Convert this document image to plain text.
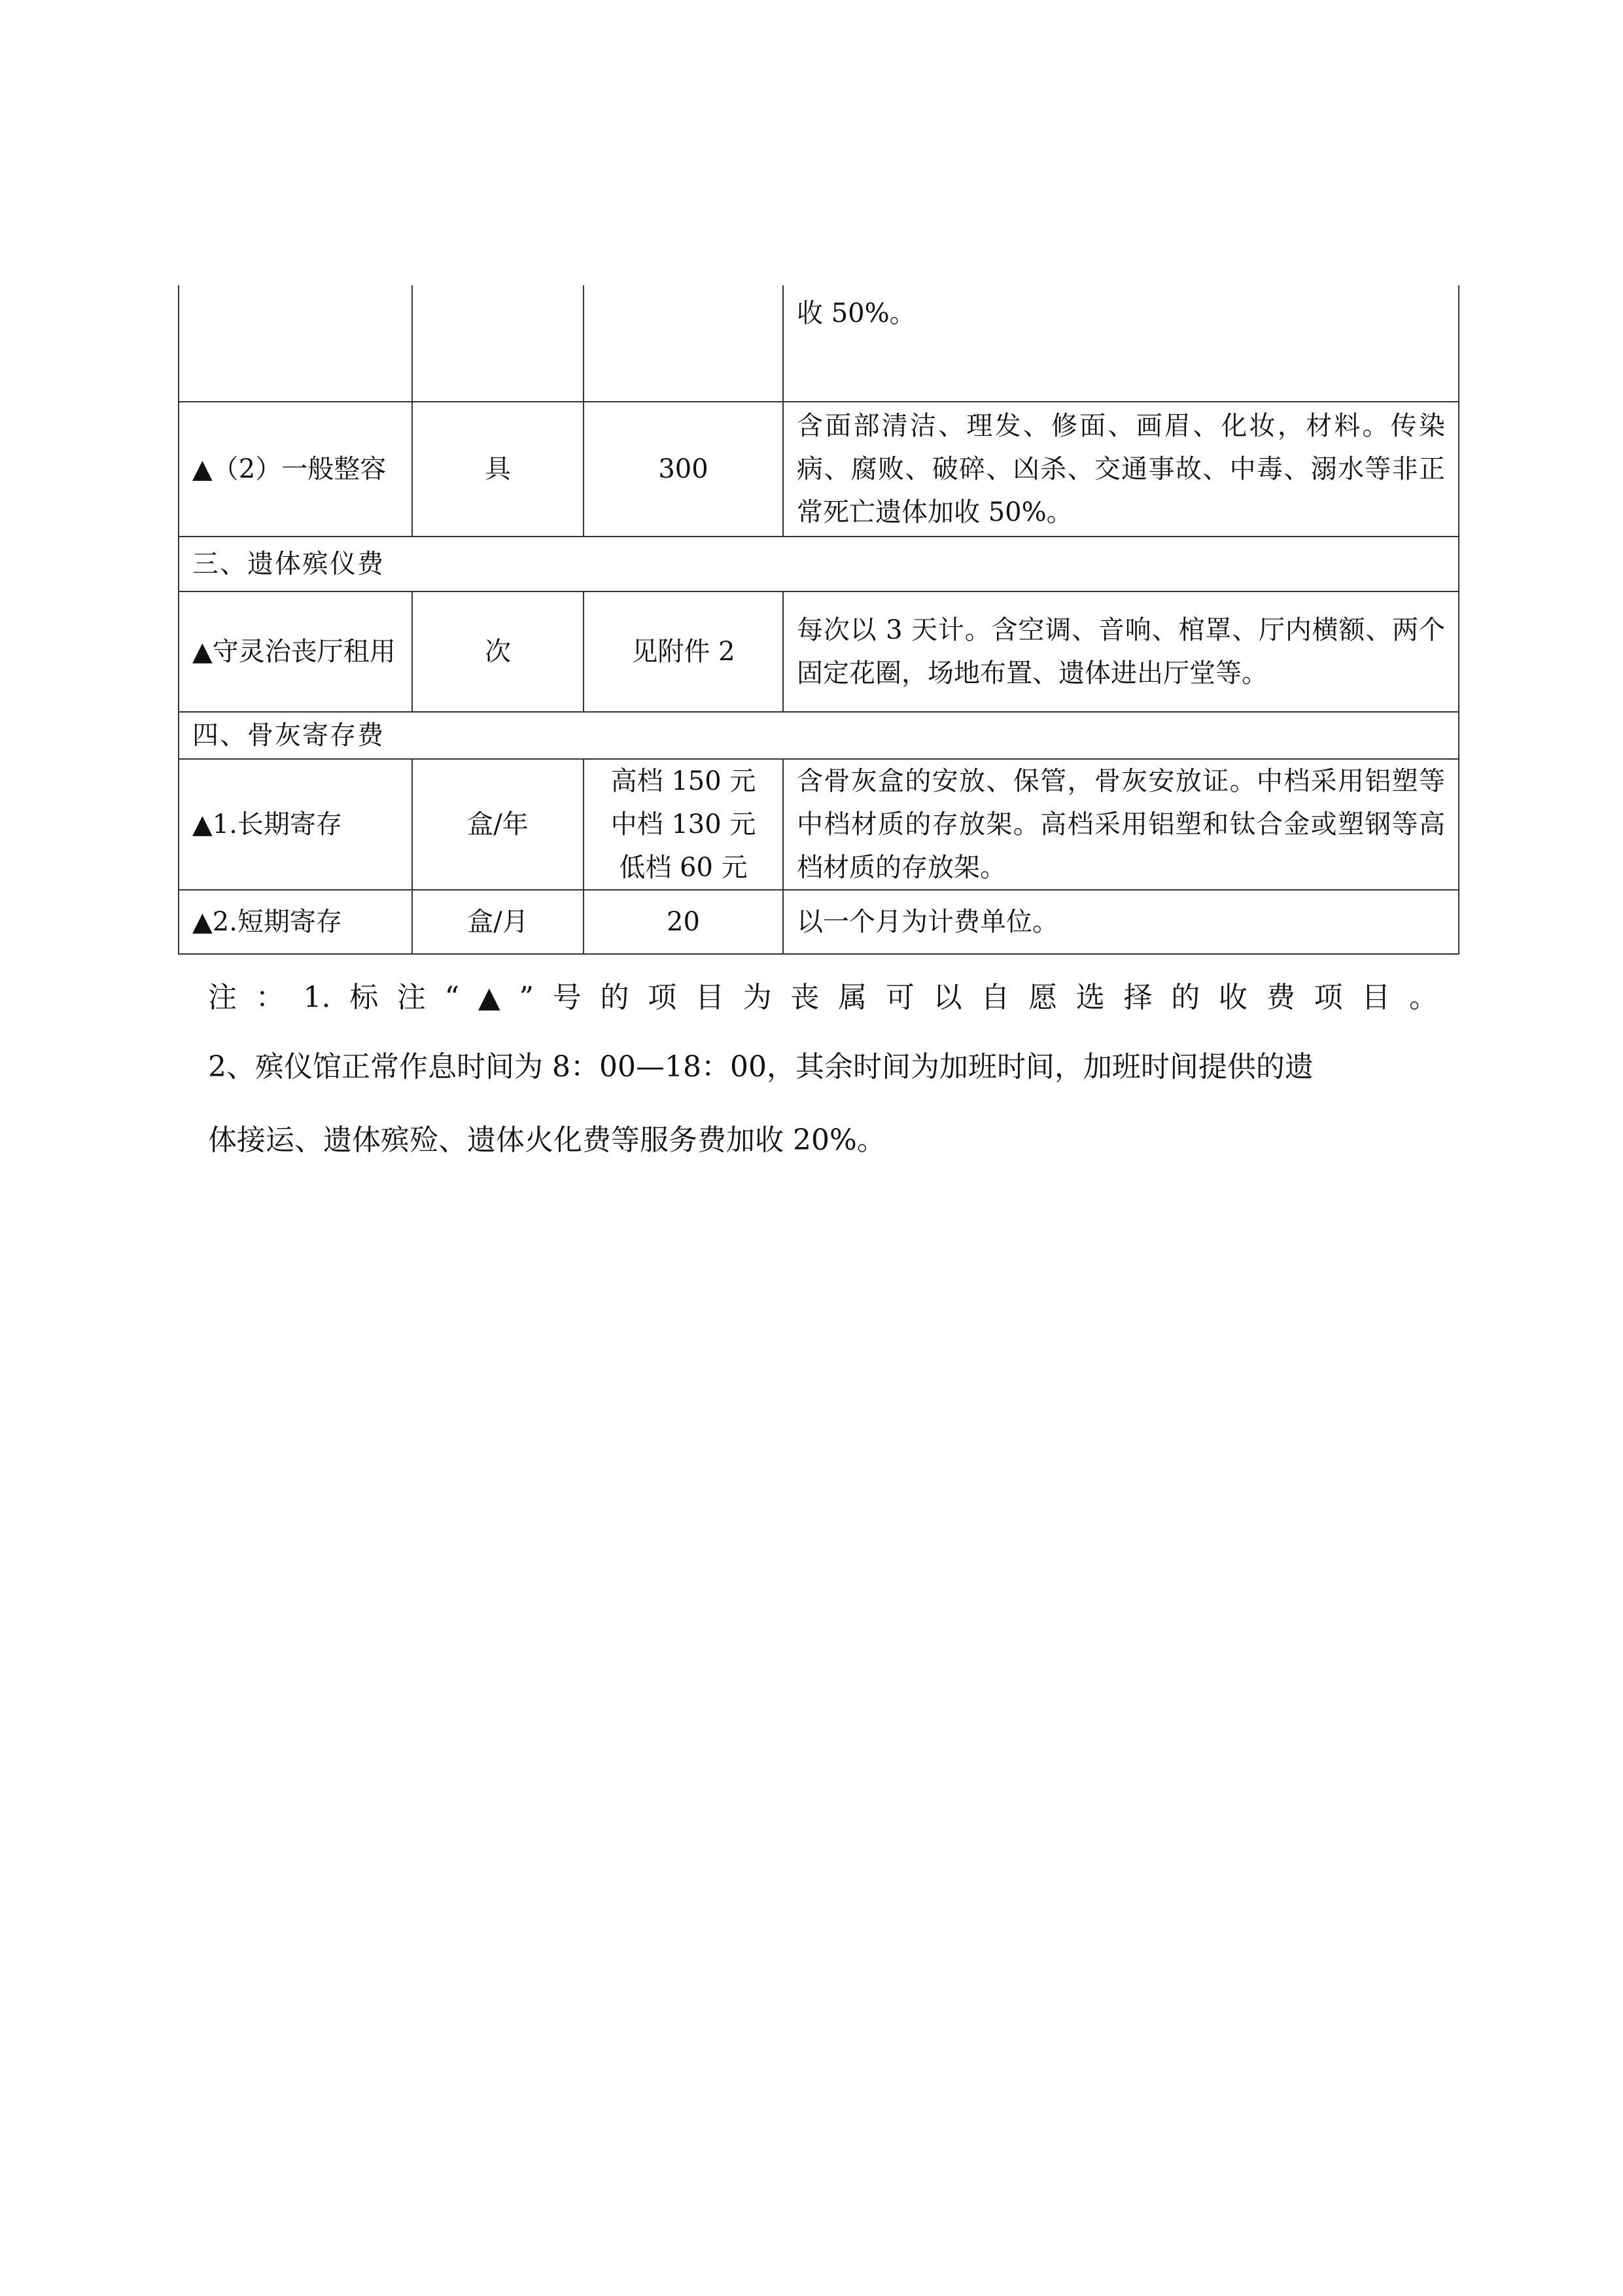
			收 50%。
▲（2）一般整容	具	300	含面部清洁、理发、修面、画眉、化妆，材料。传染病、腐败、破碎、凶杀、交通事故、中毒、溺水等非正常死亡遗体加收 50%。
三、遗体殡仪费			
▲守灵治丧厅租用	次	见附件 2	每次以 3 天计。含空调、音响、棺罩、厅内横额、两个固定花圈，场地布置、遗体进出厅堂等。
四、骨灰寄存费			
▲1.长期寄存	盒/年	高档 150 元
中档 130 元
低档 60 元	含骨灰盒的安放、保管，骨灰安放证。中档采用铝塑等中档材质的存放架。高档采用铝塑和钛合金或塑钢等高档材质的存放架。
▲2.短期寄存	盒/月	20	以一个月为计费单位。
注：1.标注“▲”号的项目为丧属可以自愿选择的收费项目。
2、殡仪馆正常作息时间为 8：00—18：00，其余时间为加班时间，加班时间提供的遗
体接运、遗体殡殓、遗体火化费等服务费加收 20%。
